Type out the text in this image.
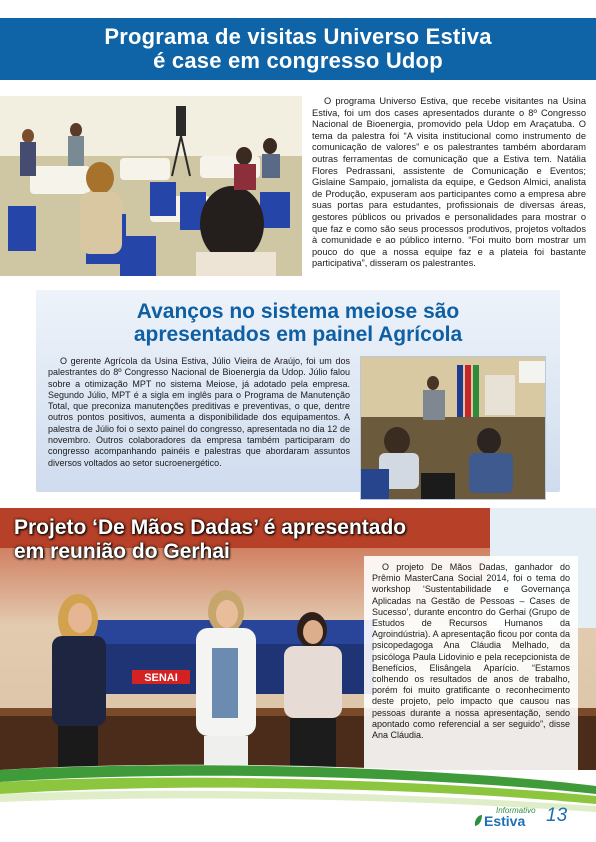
Programa de visitas Universo Estiva
é case em congresso Udop

O programa Universo Estiva, que recebe visitantes na Usina Estiva, foi um dos cases apresentados durante o 8º Congresso Nacional de Bioenergia, promovido pela Udop em Araçatuba. O tema da palestra foi “A visita institucional como instrumento de comunicação de valores” e os palestrantes também abordaram outras ferramentas de comunicação que a Estiva tem. Natália Flores Pedrassani, assistente de Comunicação e Eventos; Gislaine Sampaio, jornalista da equipe, e Gedson Almici, analista de Produção, expuseram aos participantes como a empresa abre suas portas para estudantes, profissionais de diversas áreas, gestores públicos ou privados e personalidades para mostrar o que faz e como são seus processos produtivos, projetos voltados à comunidade e ao público interno. “Foi muito bom mostrar um pouco do que a nossa equipe faz e a plateia foi bastante participativa”, disseram os palestrantes.

Avanços no sistema meiose são
apresentados em painel Agrícola

O gerente Agrícola da Usina Estiva, Júlio Vieira de Araújo, foi um dos palestrantes do 8º Congresso Nacional de Bioenergia da Udop. Júlio falou sobre a otimização MPT no sistema Meiose, já adotado pela empresa. Segundo Júlio, MPT é a sigla em inglês para o Programa de Manutenção Total, que preconiza manutenções preditivas e preventivas, o que, dentre outros pontos positivos, aumenta a disponibilidade dos equipamentos. A palestra de Júlio foi o sexto painel do congresso, apresentada no dia 12 de novembro. Outros colaboradores da empresa também participaram do congresso acompanhando painéis e palestras que abordaram assuntos diversos voltados ao setor sucroenergético.

SENAI
Projeto ‘De Mãos Dadas’ é apresentado
em reunião do Gerhai

O projeto De Mãos Dadas, ganhador do Prêmio MasterCana Social 2014, foi o tema do workshop ‘Sustentabilidade e Governança Aplicadas na Gestão de Pessoas – Cases de Sucesso’, durante encontro do Gerhai (Grupo de Estudos de Recursos Humanos da Agroindústria). A apresentação ficou por conta da psicopedagoga Ana Cláudia Melhado, da psicóloga Paula Lidovinio e pela recepcionista de Benefícios, Elisângela Aparício. “Estamos colhendo os resultados de anos de trabalho, porém foi muito gratificante o reconhecimento deste projeto, pelo impacto que causou nas pessoas durante a nossa apresentação, sendo apontado como referencial a ser seguido”, disse Ana Cláudia.

Informativo
Estiva 13
